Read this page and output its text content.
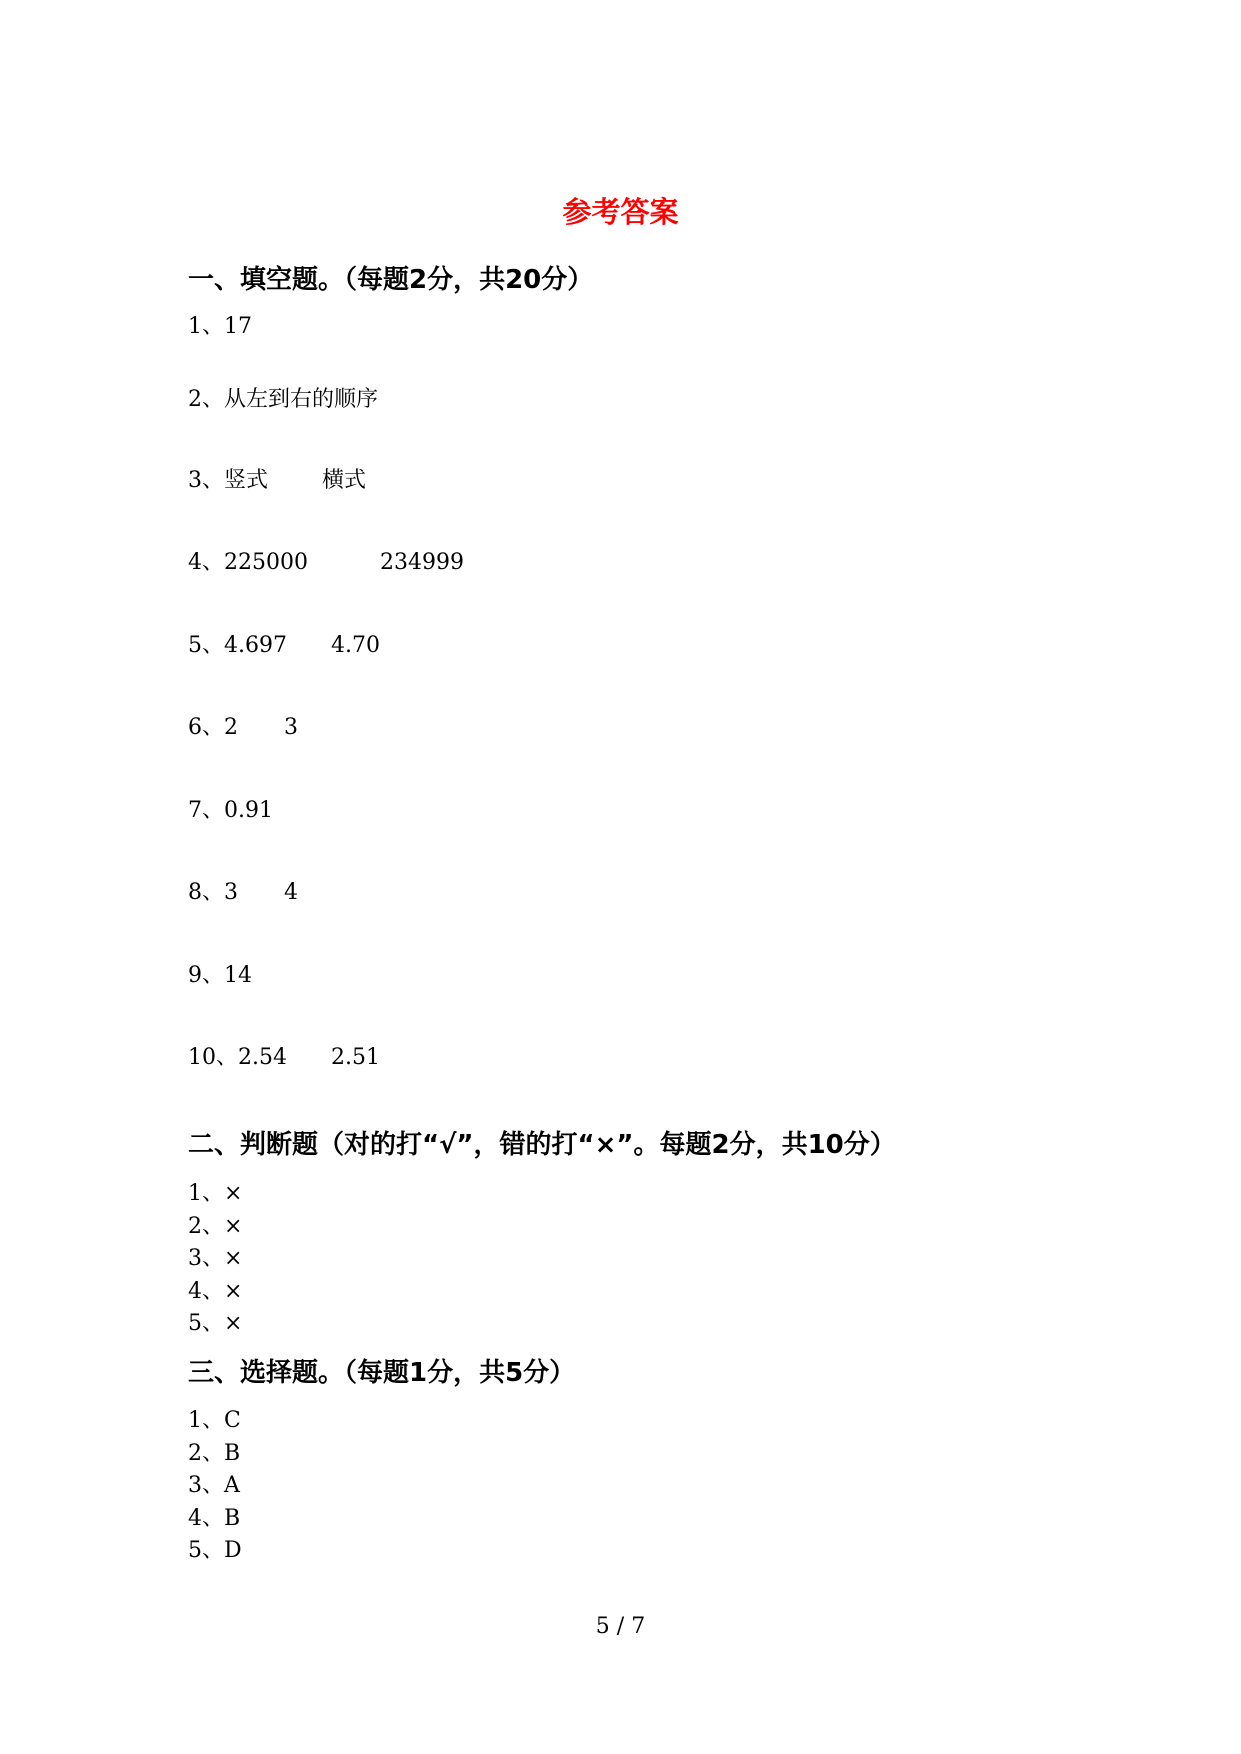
参考答案
一、填空题。（每题2分，共20分）
1、17
2、从左到右的顺序
3、竖式 横式
4、225000	234999
5、4.697 4.70
6、2 3
7、0.91
8、3 4
9、14
10、2.54 2.51
二、判断题（对的打“√”，错的打“×”。每题2分，共10分）
1、×
2、×
3、×
4、×
5、×
三、选择题。（每题1分，共5分）
1、C
2、B
3、A
4、B
5、D
5 / 7
